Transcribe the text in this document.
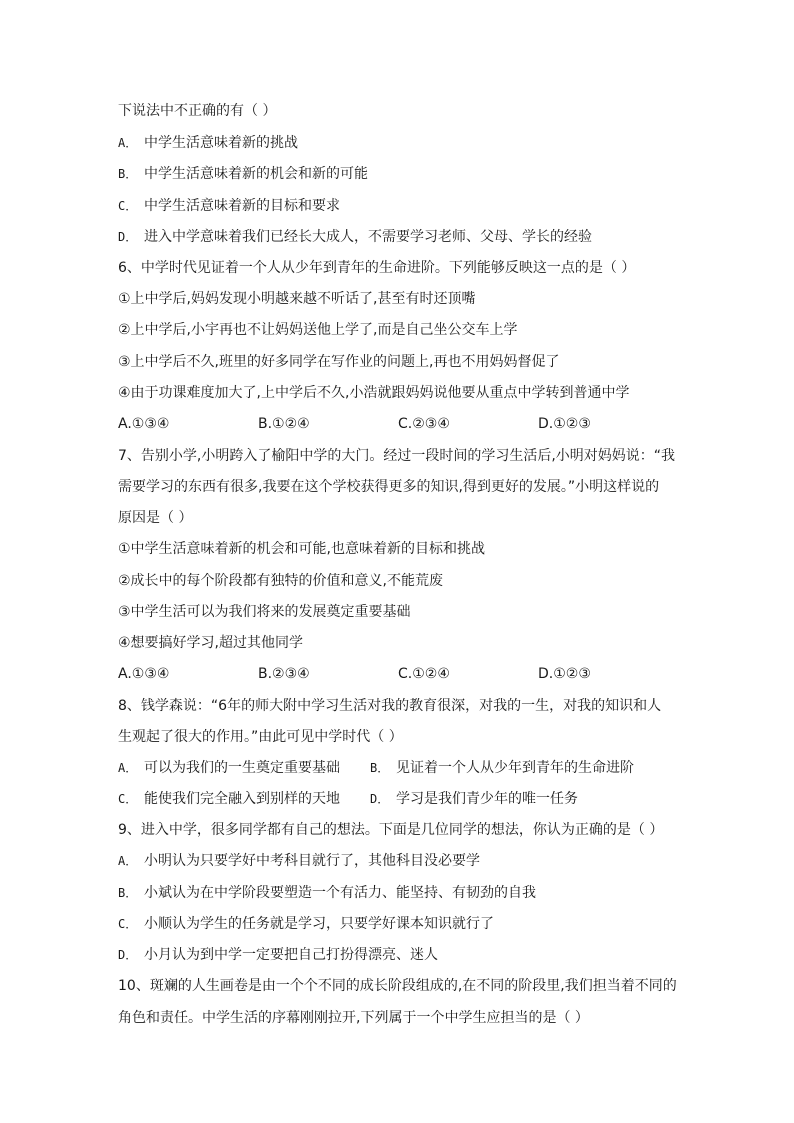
下说法中不正确的有（ ）
A． 中学生活意味着新的挑战
B． 中学生活意味着新的机会和新的可能
C． 中学生活意味着新的目标和要求
D． 进入中学意味着我们已经长大成人，不需要学习老师、父母、学长的经验
6、中学时代见证着一个人从少年到青年的生命进阶。下列能够反映这一点的是（ ）
①上中学后,妈妈发现小明越来越不听话了,甚至有时还顶嘴
②上中学后,小宇再也不让妈妈送他上学了,而是自己坐公交车上学
③上中学后不久,班里的好多同学在写作业的问题上,再也不用妈妈督促了
④由于功课难度加大了,上中学后不久,小浩就跟妈妈说他要从重点中学转到普通中学
A.①③④	B.①②④	C.②③④	D.①②③
7、告别小学,小明跨入了榆阳中学的大门。经过一段时间的学习生活后,小明对妈妈说：“我
需要学习的东西有很多,我要在这个学校获得更多的知识,得到更好的发展。”小明这样说的
原因是（ ）
①中学生活意味着新的机会和可能,也意味着新的目标和挑战
②成长中的每个阶段都有独特的价值和意义,不能荒废
③中学生活可以为我们将来的发展奠定重要基础
④想要搞好学习,超过其他同学
A.①③④	B.②③④	C.①②④	D.①②③
8、钱学森说：“6年的师大附中学习生活对我的教育很深，对我的一生，对我的知识和人
生观起了很大的作用。”由此可见中学时代（ ）
A． 可以为我们的一生奠定重要基础	B． 见证着一个人从少年到青年的生命进阶
C． 能使我们完全融入到别样的天地	D． 学习是我们青少年的唯一任务
9、进入中学，很多同学都有自己的想法。下面是几位同学的想法，你认为正确的是（ ）
A． 小明认为只要学好中考科目就行了，其他科目没必要学
B． 小斌认为在中学阶段要塑造一个有活力、能坚持、有韧劲的自我
C． 小顺认为学生的任务就是学习，只要学好课本知识就行了
D． 小月认为到中学一定要把自己打扮得漂亮、迷人
10、斑斓的人生画卷是由一个个不同的成长阶段组成的,在不同的阶段里,我们担当着不同的
角色和责任。中学生活的序幕刚刚拉开,下列属于一个中学生应担当的是（ ）
